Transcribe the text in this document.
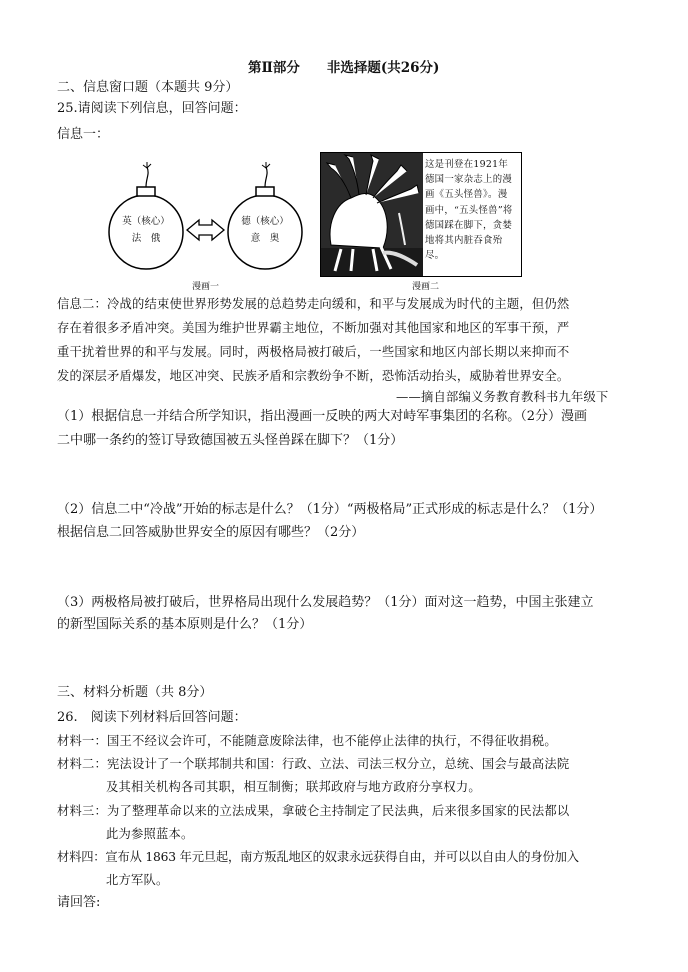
第Ⅱ部分　　非选择题(共26分)
二、信息窗口题（本题共 9分）
25.请阅读下列信息，回答问题：
信息一：
英（核心）
法　俄
德（核心）
意　奥
漫画一
这是刊登在1921年德国一家杂志上的漫画《五头怪兽》。漫画中，“五头怪兽”将德国踩在脚下，贪婪地将其内脏吞食殆尽。
漫画二
信息二：冷战的结束使世界形势发展的总趋势走向缓和，和平与发展成为时代的主题，但仍然
存在着很多矛盾冲突。美国为维护世界霸主地位，不断加强对其他国家和地区的军事干预，严
重干扰着世界的和平与发展。同时，两极格局被打破后，一些国家和地区内部长期以来抑而不
发的深层矛盾爆发，地区冲突、民族矛盾和宗教纷争不断，恐怖活动抬头，威胁着世界安全。
——摘自部编义务教育教科书九年级下
（1）根据信息一并结合所学知识，指出漫画一反映的两大对峙军事集团的名称。（2分）漫画
二中哪一条约的签订导致德国被五头怪兽踩在脚下？（1分）
（2）信息二中“冷战”开始的标志是什么？（1分）“两极格局”正式形成的标志是什么？（1分）
根据信息二回答威胁世界安全的原因有哪些？（2分）
（3）两极格局被打破后，世界格局出现什么发展趋势？（1分）面对这一趋势，中国主张建立
的新型国际关系的基本原则是什么？（1分）
三、材料分析题（共 8分）
26.　阅读下列材料后回答问题：
材料一：国王不经议会许可，不能随意废除法律，也不能停止法律的执行，不得征收捐税。
材料二：宪法设计了一个联邦制共和国：行政、立法、司法三权分立，总统、国会与最高法院
及其相关机构各司其职，相互制衡；联邦政府与地方政府分享权力。
材料三：为了整理革命以来的立法成果，拿破仑主持制定了民法典，后来很多国家的民法都以
此为参照蓝本。
材料四：宣布从 1863 年元旦起，南方叛乱地区的奴隶永远获得自由，并可以以自由人的身份加入
北方军队。
请回答:
